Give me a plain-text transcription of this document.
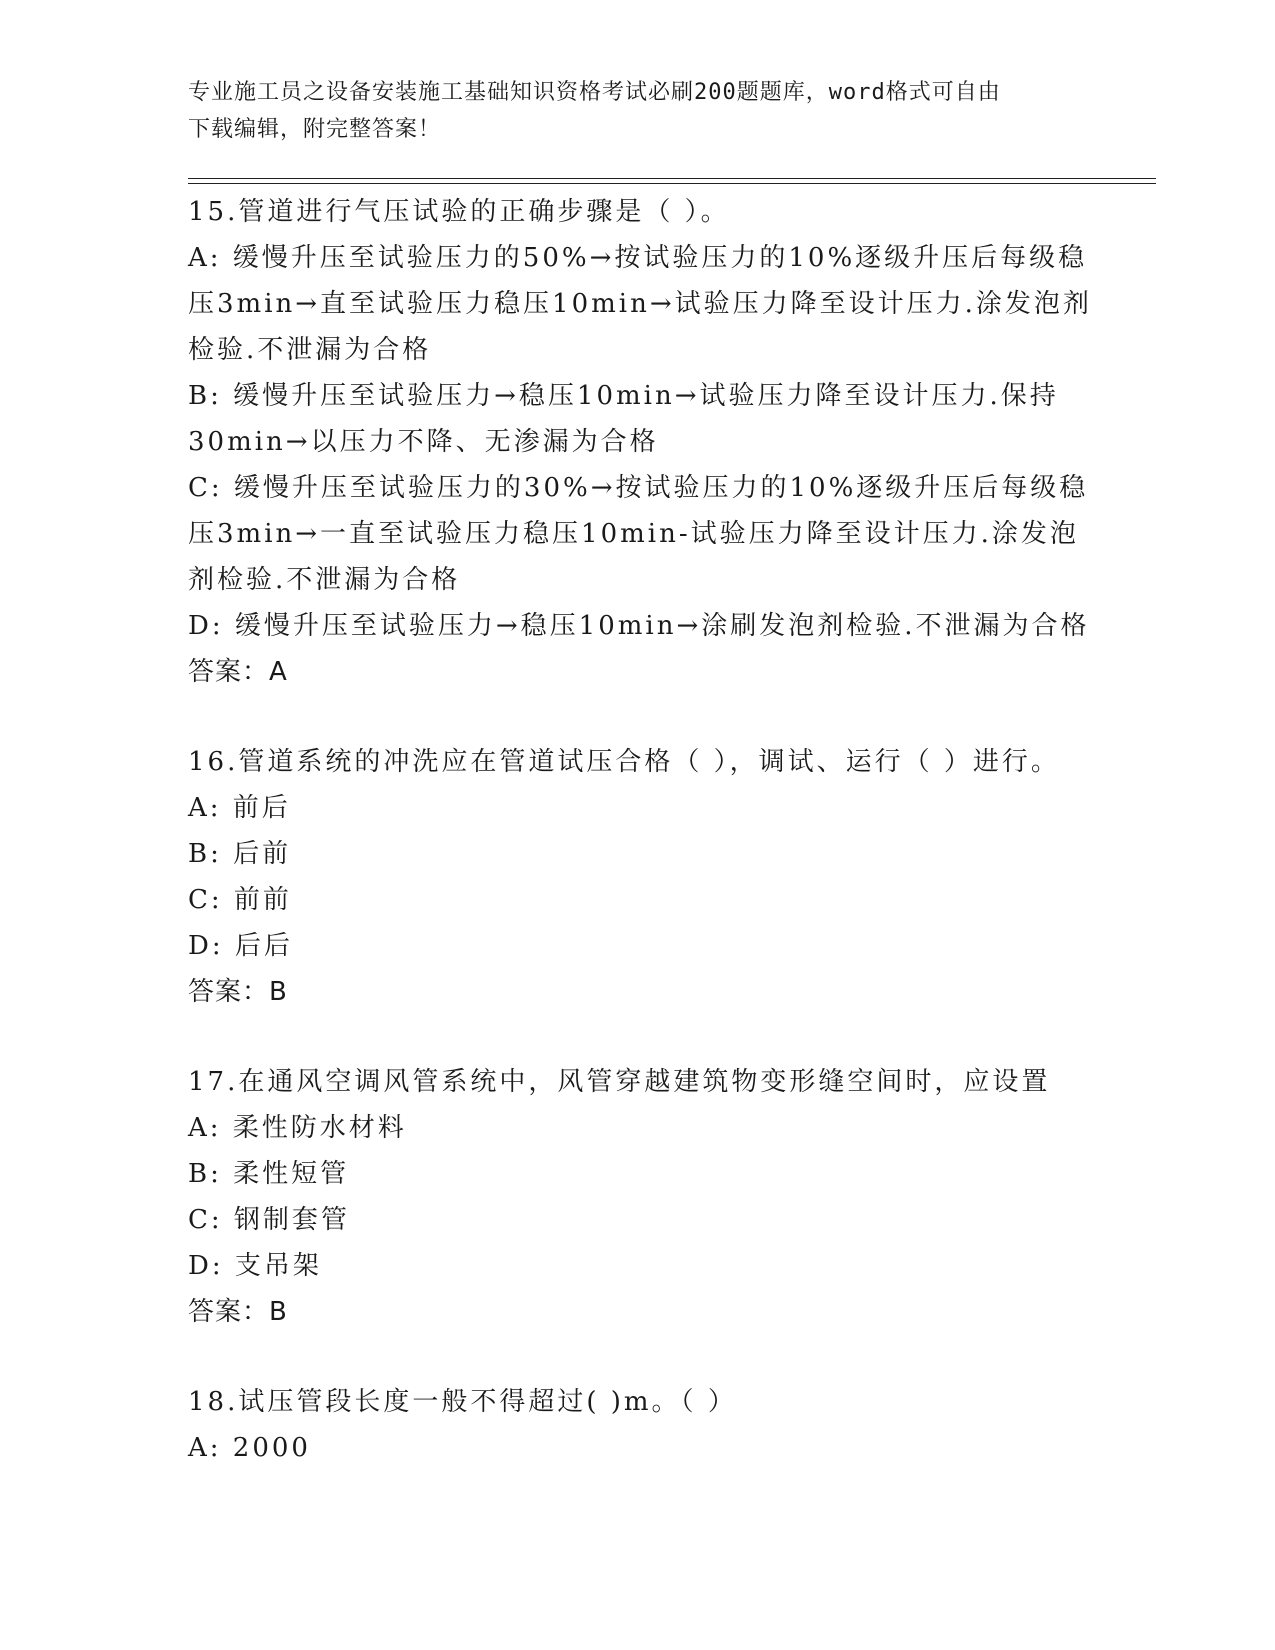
专业施工员之设备安装施工基础知识资格考试必刷200题题库，word格式可自由
下载编辑，附完整答案！
15.管道进行气压试验的正确步骤是（ ）。
A: 缓慢升压至试验压力的50%→按试验压力的10%逐级升压后每级稳
压3min→直至试验压力稳压10min→试验压力降至设计压力.涂发泡剂
检验.不泄漏为合格
B: 缓慢升压至试验压力→稳压10min→试验压力降至设计压力.保持
30min→以压力不降、无渗漏为合格
C: 缓慢升压至试验压力的30%→按试验压力的10%逐级升压后每级稳
压3min→一直至试验压力稳压10min-试验压力降至设计压力.涂发泡
剂检验.不泄漏为合格
D: 缓慢升压至试验压力→稳压10min→涂刷发泡剂检验.不泄漏为合格
答案：A
16.管道系统的冲洗应在管道试压合格（ ），调试、运行（ ）进行。
A: 前后
B: 后前
C: 前前
D: 后后
答案：B
17.在通风空调风管系统中，风管穿越建筑物变形缝空间时，应设置
A: 柔性防水材料
B: 柔性短管
C: 钢制套管
D: 支吊架
答案：B
18.试压管段长度一般不得超过( )m。（ ）
A: 2000
